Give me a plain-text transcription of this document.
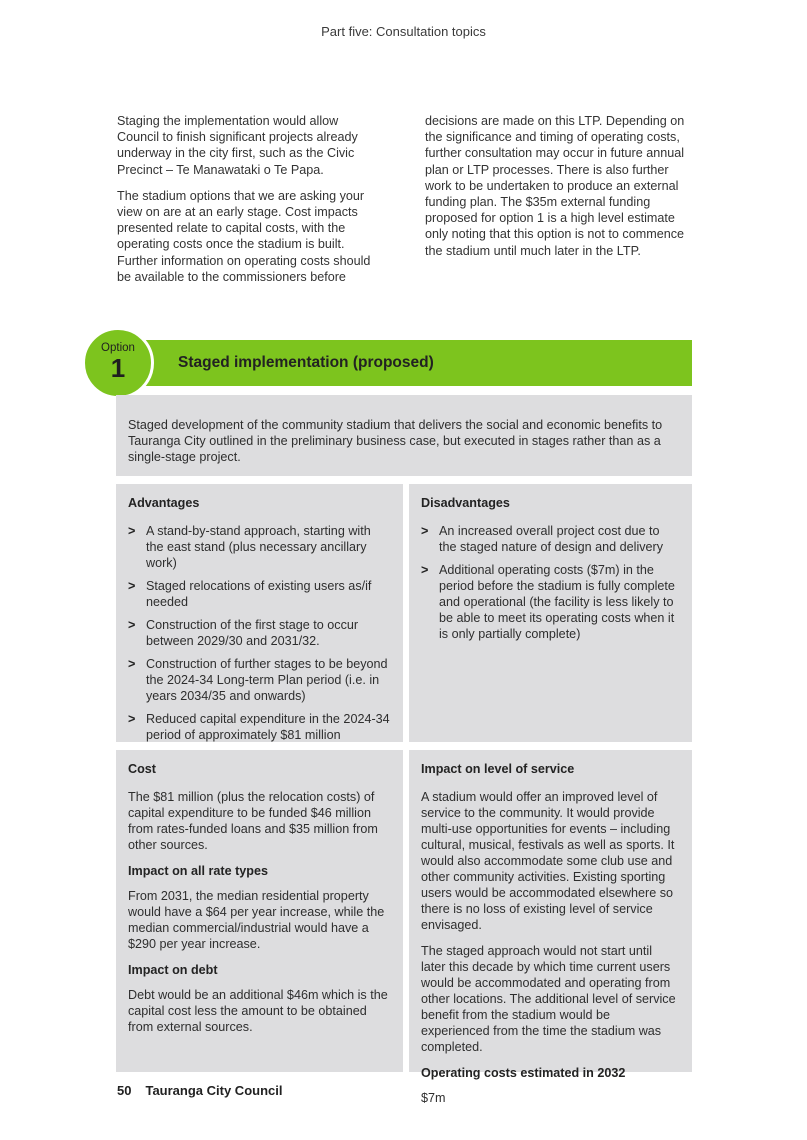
Part five: Consultation topics

Staging the implementation would allow Council to finish significant projects already underway in the city first, such as the Civic Precinct – Te Manawataki o Te Papa.

The stadium options that we are asking your view on are at an early stage. Cost impacts presented relate to capital costs, with the operating costs once the stadium is built. Further information on operating costs should be available to the commissioners before

decisions are made on this LTP. Depending on the significance and timing of operating costs, further consultation may occur in future annual plan or LTP processes. There is also further work to be undertaken to produce an external funding plan. The $35m external funding proposed for option 1 is a high level estimate only noting that this option is not to commence the stadium until much later in the LTP.

Staged implementation (proposed)
Option
1
Staged development of the community stadium that delivers the social and economic benefits to Tauranga City outlined in the preliminary business case, but executed in stages rather than as a single-stage project.
Advantages
> A stand-by-stand approach, starting with the east stand (plus necessary ancillary work)
> Staged relocations of existing users as/if needed
> Construction of the first stage to occur between 2029/30 and 2031/32.
> Construction of further stages to be beyond the 2024-34 Long-term Plan period (i.e. in years 2034/35 and onwards)
> Reduced capital expenditure in the 2024-34 period of approximately $81 million
Disadvantages
> An increased overall project cost due to the staged nature of design and delivery
> Additional operating costs ($7m) in the period before the stadium is fully complete and operational (the facility is less likely to be able to meet its operating costs when it is only partially complete)
Cost

The $81 million (plus the relocation costs) of capital expenditure to be funded $46 million from rates-funded loans and $35 million from other sources.

Impact on all rate types

From 2031, the median residential property would have a $64 per year increase, while the median commercial/industrial would have a $290 per year increase.

Impact on debt

Debt would be an additional $46m which is the capital cost less the amount to be obtained from external sources.

Impact on level of service

A stadium would offer an improved level of service to the community. It would provide multi-use opportunities for events – including cultural, musical, festivals as well as sports. It would also accommodate some club use and other community activities. Existing sporting users would be accommodated elsewhere so there is no loss of existing level of service envisaged.

The staged approach would not start until later this decade by which time current users would be accommodated and operating from other locations. The additional level of service benefit from the stadium would be experienced from the time the stadium was completed.

Operating costs estimated in 2032

$7m

50 Tauranga City Council
